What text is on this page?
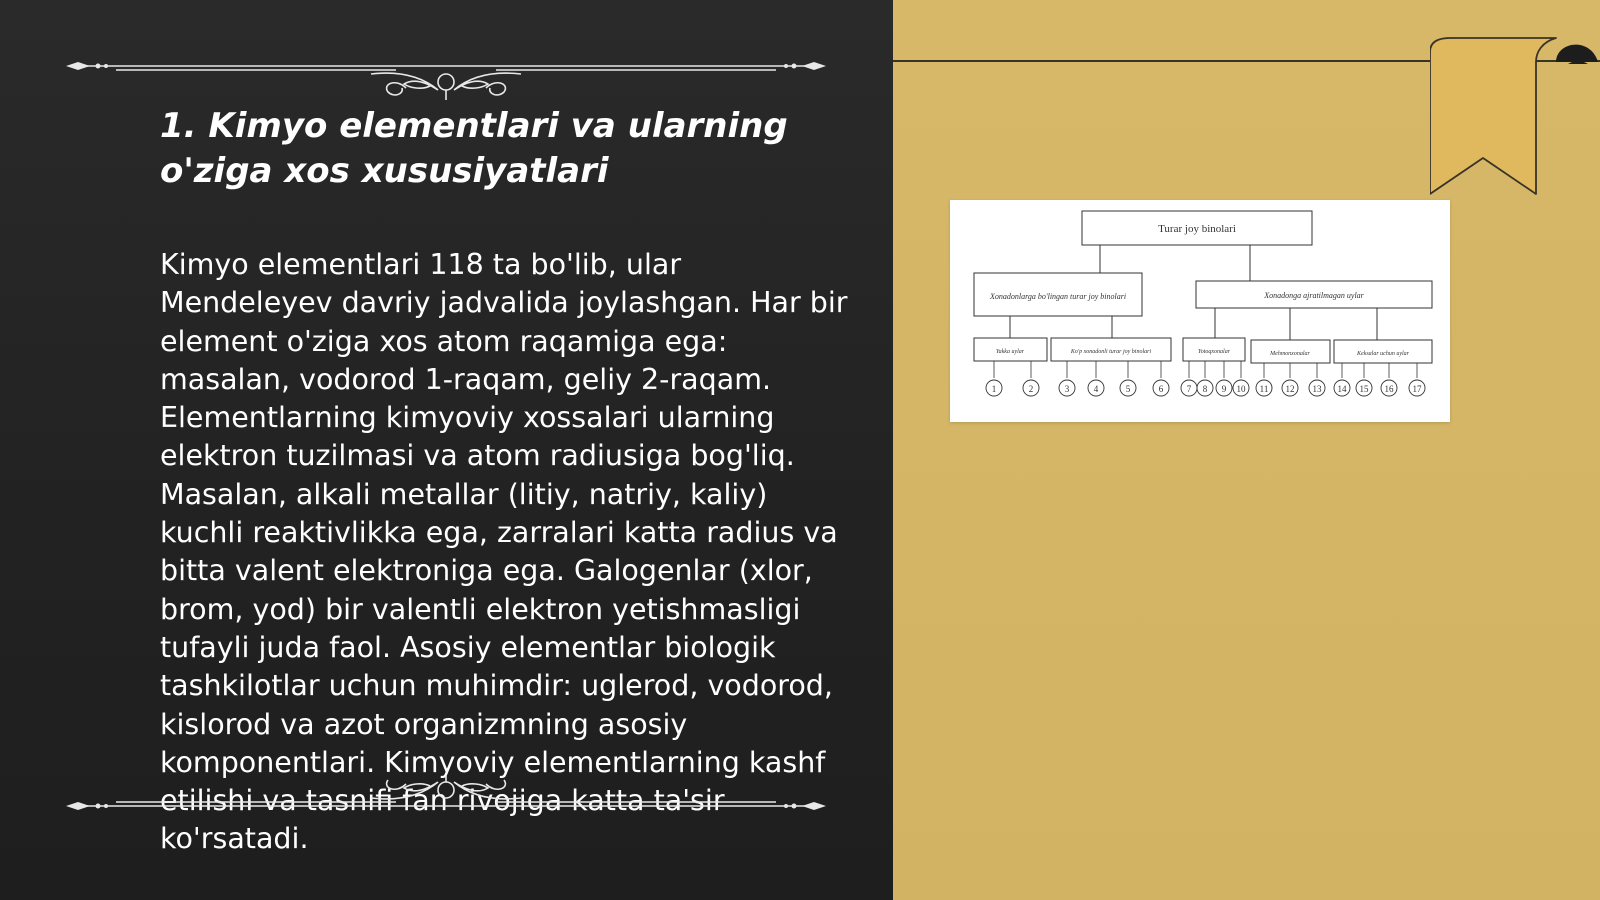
1. Kimyo elementlari va ularning o'ziga xos xususiyatlari

Kimyo elementlari 118 ta bo'lib, ular Mendeleyev davriy jadvalida joylashgan. Har bir element o'ziga xos atom raqamiga ega: masalan, vodorod 1-raqam, geliy 2-raqam. Elementlarning kimyoviy xossalari ularning elektron tuzilmasi va atom radiusiga bog'liq. Masalan, alkali metallar (litiy, natriy, kaliy) kuchli reaktivlikka ega, zarralari katta radius va bitta valent elektroniga ega. Galogenlar (xlor, brom, yod) bir valentli elektron yetishmasligi tufayli juda faol. Asosiy elementlar biologik tashkilotlar uchun muhimdir: uglerod, vodorod, kislorod va azot organizmning asosiy komponentlari. Kimyoviy elementlarning kashf etilishi va tasnifi fan rivojiga katta ta'sir ko'rsatadi.

Turar joy binolari
Xonadonlarga bo'lingan turar joy binolari	Xonadonga ajratilmagan uylar
Yakka uylar	Ko'p xonadonli turar joy binolari	Yotoqxonalar	Mehmonxonalar	Keksalar uchun uylar
1	2	3	4	5	6	7 8 9 10 11 12 13 14 15 16 17
